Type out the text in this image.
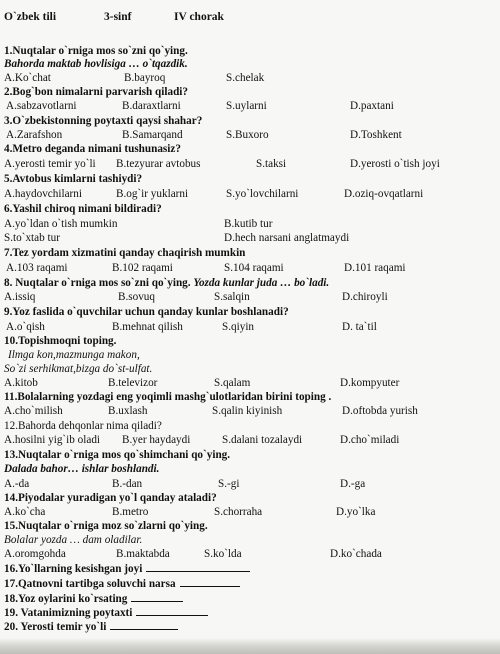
O`zbek tili	3-sinf	IV chorak
1.Nuqtalar o`rniga mos so`zni qo`ying.
Bahorda maktab hovlisiga … o`tqazdik.
A.Ko`chat	B.bayroq	S.chelak
2.Bog`bon nimalarni parvarish qiladi?
A.sabzavotlarni	B.daraxtlarni	S.uylarni	D.paxtani
3.O`zbekistonning poytaxti qaysi shahar?
A.Zarafshon	B.Samarqand	S.Buxoro	D.Toshkent
4.Metro deganda nimani tushunasiz?
A.yerosti temir yo`li B.tezyurar avtobus	S.taksi	D.yerosti o`tish joyi
5.Avtobus kimlarni tashiydi?
A.haydovchilarni	B.og`ir yuklarni	S.yo`lovchilarni	D.oziq-ovqatlarni
6.Yashil chiroq nimani bildiradi?
A.yo`ldan o`tish mumkin	B.kutib tur
S.to`xtab tur	D.hech narsani anglatmaydi
7.Tez yordam xizmatini qanday chaqirish mumkin
A.103 raqami	B.102 raqami	S.104 raqami	D.101 raqami
8. Nuqtalar o`rniga mos so`zni qo`ying. Yozda kunlar juda … bo`ladi.
A.issiq	B.sovuq	S.salqin	D.chiroyli
9.Yoz faslida o`quvchilar uchun qanday kunlar boshlanadi?
A.o`qish	B.mehnat qilish	S.qiyin	D. ta`til
10.Topishmoqni toping.
Ilmga kon,mazmunga makon,
So`zi serhikmat,bizga do`st-ulfat.
A.kitob	B.televizor	S.qalam	D.kompyuter
11.Bolalarning yozdagi eng yoqimli mashg`ulotlaridan birini toping .
A.cho`milish	B.uxlash	S.qalin kiyinish	D.oftobda yurish
12.Bahorda dehqonlar nima qiladi?
A.hosilni yig`ib oladi B.yer haydaydi	S.dalani tozalaydi	D.cho`miladi
13.Nuqtalar o`rniga mos qo`shimchani qo`ying.
Dalada bahor… ishlar boshlandi.
A.-da	B.-dan	S.-gi	D.-ga
14.Piyodalar yuradigan yo`l qanday ataladi?
A.ko`cha	B.metro	S.chorraha	D.yo`lka
15.Nuqtalar o`rniga moz so`zlarni qo`ying.
Bolalar yozda … dam oladilar.
A.oromgohda	B.maktabda	S.ko`lda	D.ko`chada
16.Yo`llarning kesishgan joyi
17.Qatnovni tartibga soluvchi narsa
18.Yoz oylarini ko`rsating
19. Vatanimizning poytaxti
20. Yerosti temir yo`li
